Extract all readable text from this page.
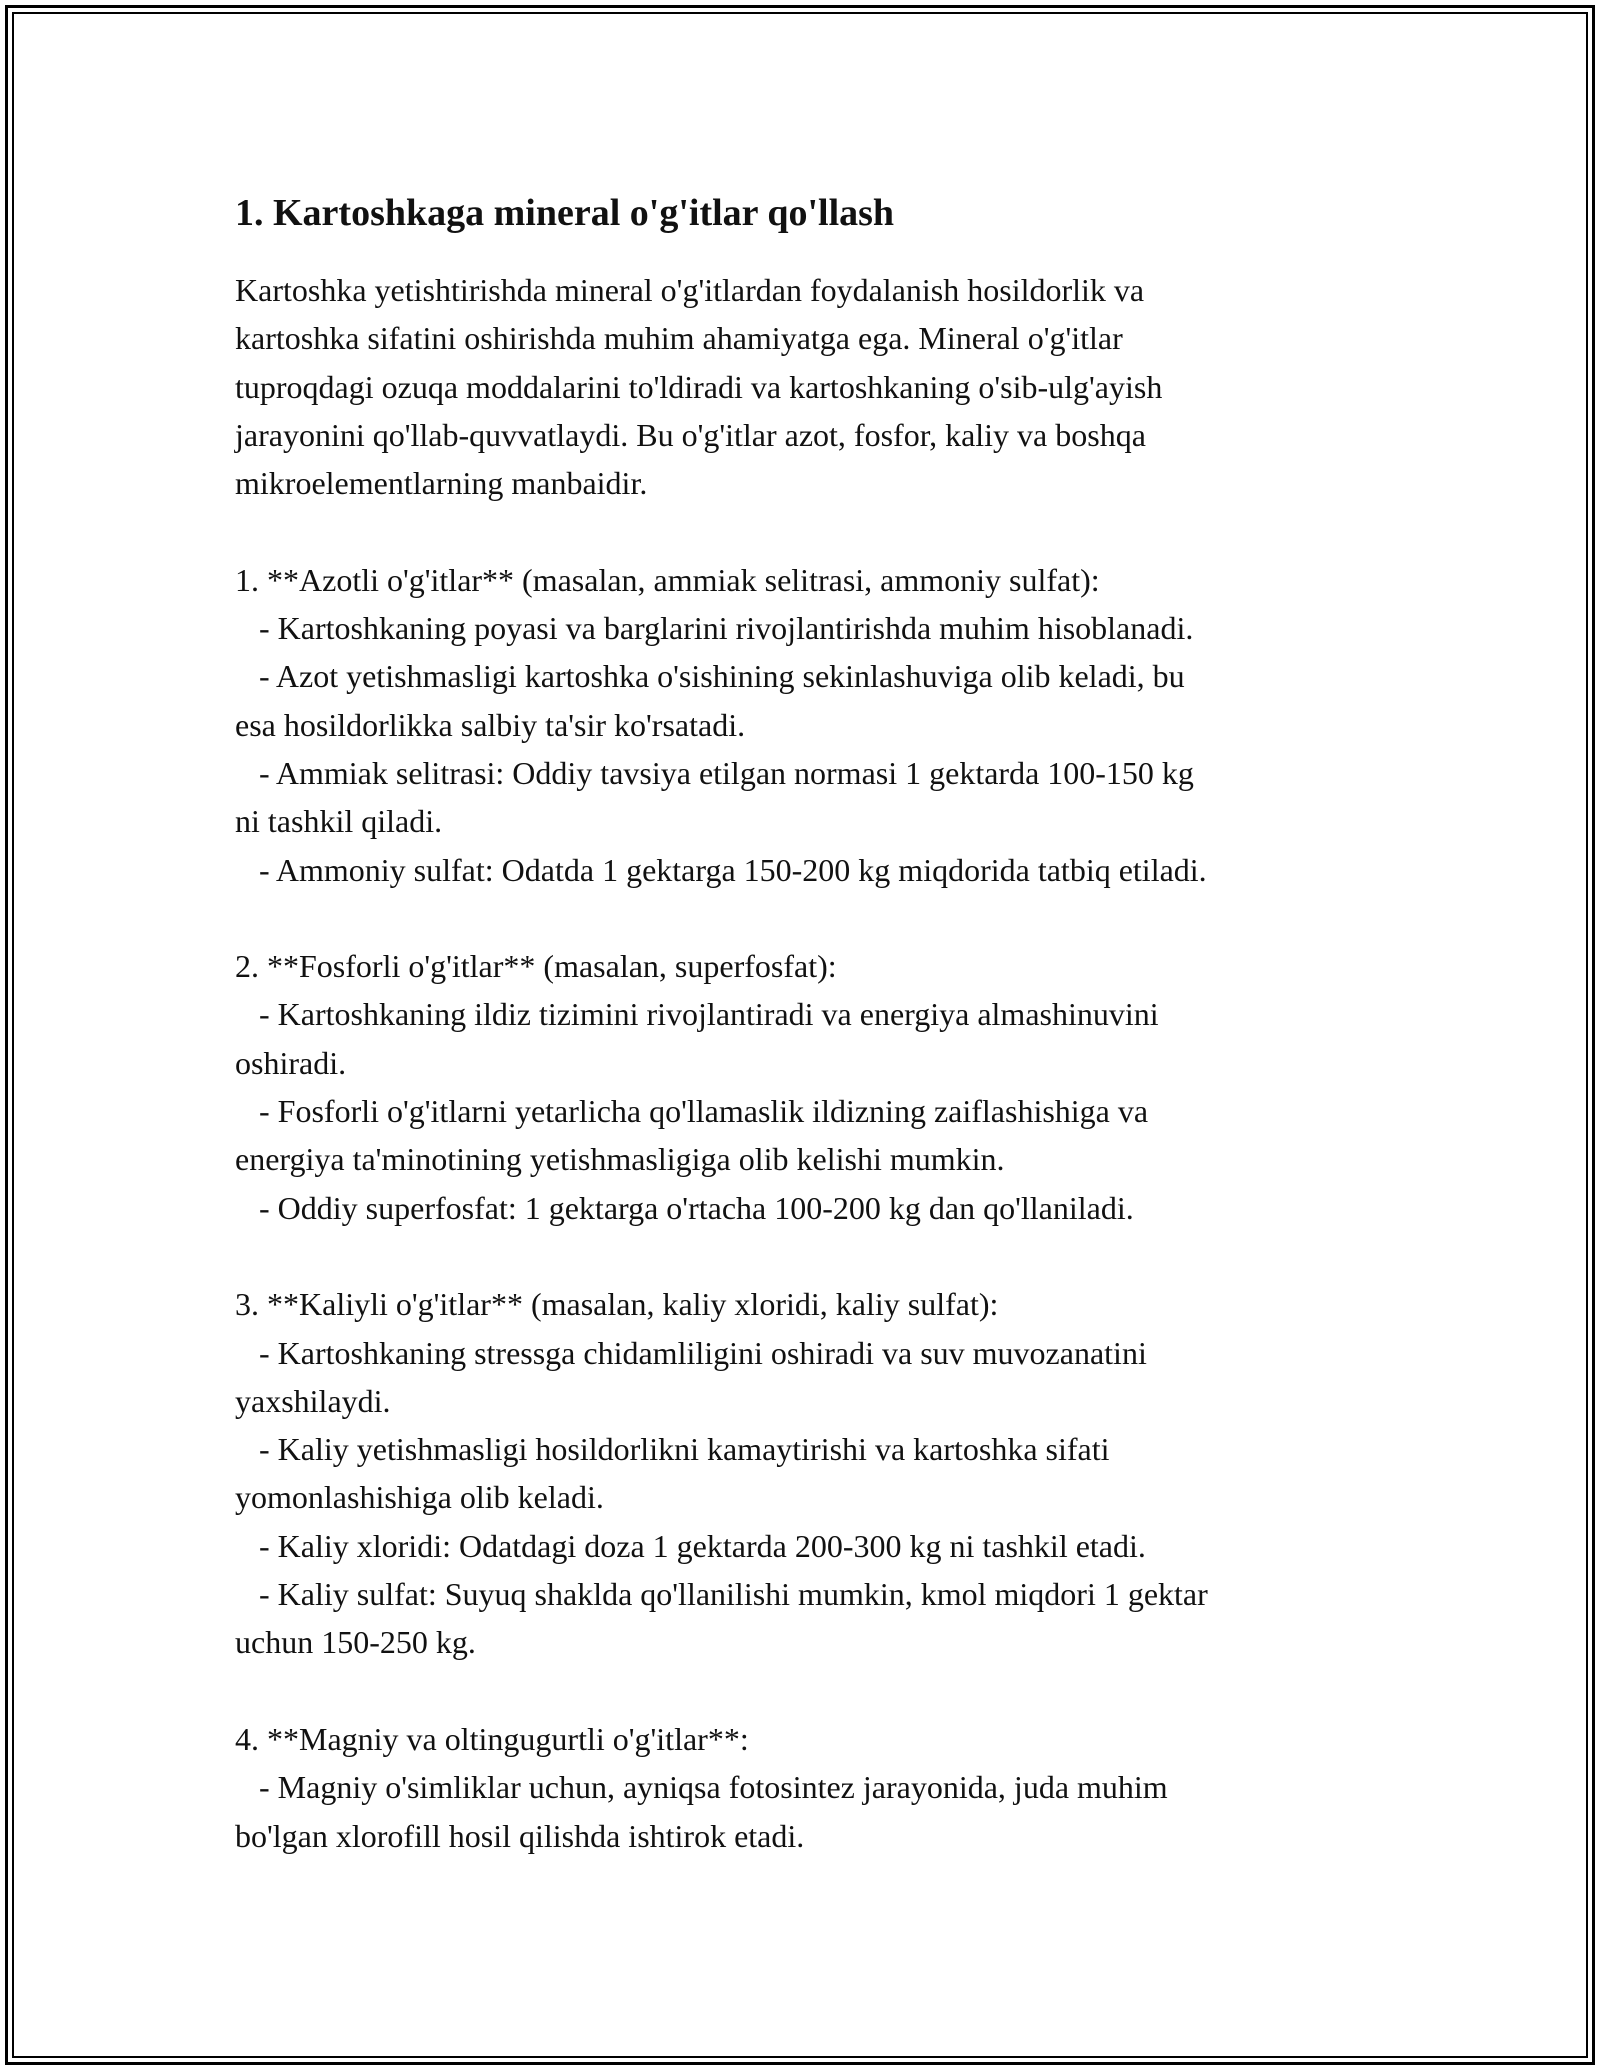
1. Kartoshkaga mineral o'g'itlar qo'llash

Kartoshka yetishtirishda mineral o'g'itlardan foydalanish hosildorlik va
kartoshka sifatini oshirishda muhim ahamiyatga ega. Mineral o'g'itlar
tuproqdagi ozuqa moddalarini to'ldiradi va kartoshkaning o'sib-ulg'ayish
jarayonini qo'llab-quvvatlaydi. Bu o'g'itlar azot, fosfor, kaliy va boshqa
mikroelementlarning manbaidir.

1. **Azotli o'g'itlar** (masalan, ammiak selitrasi, ammoniy sulfat):
- Kartoshkaning poyasi va barglarini rivojlantirishda muhim hisoblanadi.
- Azot yetishmasligi kartoshka o'sishining sekinlashuviga olib keladi, bu
esa hosildorlikka salbiy ta'sir ko'rsatadi.
- Ammiak selitrasi: Oddiy tavsiya etilgan normasi 1 gektarda 100-150 kg
ni tashkil qiladi.
- Ammoniy sulfat: Odatda 1 gektarga 150-200 kg miqdorida tatbiq etiladi.

2. **Fosforli o'g'itlar** (masalan, superfosfat):
- Kartoshkaning ildiz tizimini rivojlantiradi va energiya almashinuvini
oshiradi.
- Fosforli o'g'itlarni yetarlicha qo'llamaslik ildizning zaiflashishiga va
energiya ta'minotining yetishmasligiga olib kelishi mumkin.
- Oddiy superfosfat: 1 gektarga o'rtacha 100-200 kg dan qo'llaniladi.

3. **Kaliyli o'g'itlar** (masalan, kaliy xloridi, kaliy sulfat):
- Kartoshkaning stressga chidamliligini oshiradi va suv muvozanatini
yaxshilaydi.
- Kaliy yetishmasligi hosildorlikni kamaytirishi va kartoshka sifati
yomonlashishiga olib keladi.
- Kaliy xloridi: Odatdagi doza 1 gektarda 200-300 kg ni tashkil etadi.
- Kaliy sulfat: Suyuq shaklda qo'llanilishi mumkin, kmol miqdori 1 gektar
uchun 150-250 kg.

4. **Magniy va oltingugurtli o'g'itlar**:
- Magniy o'simliklar uchun, ayniqsa fotosintez jarayonida, juda muhim
bo'lgan xlorofill hosil qilishda ishtirok etadi.
